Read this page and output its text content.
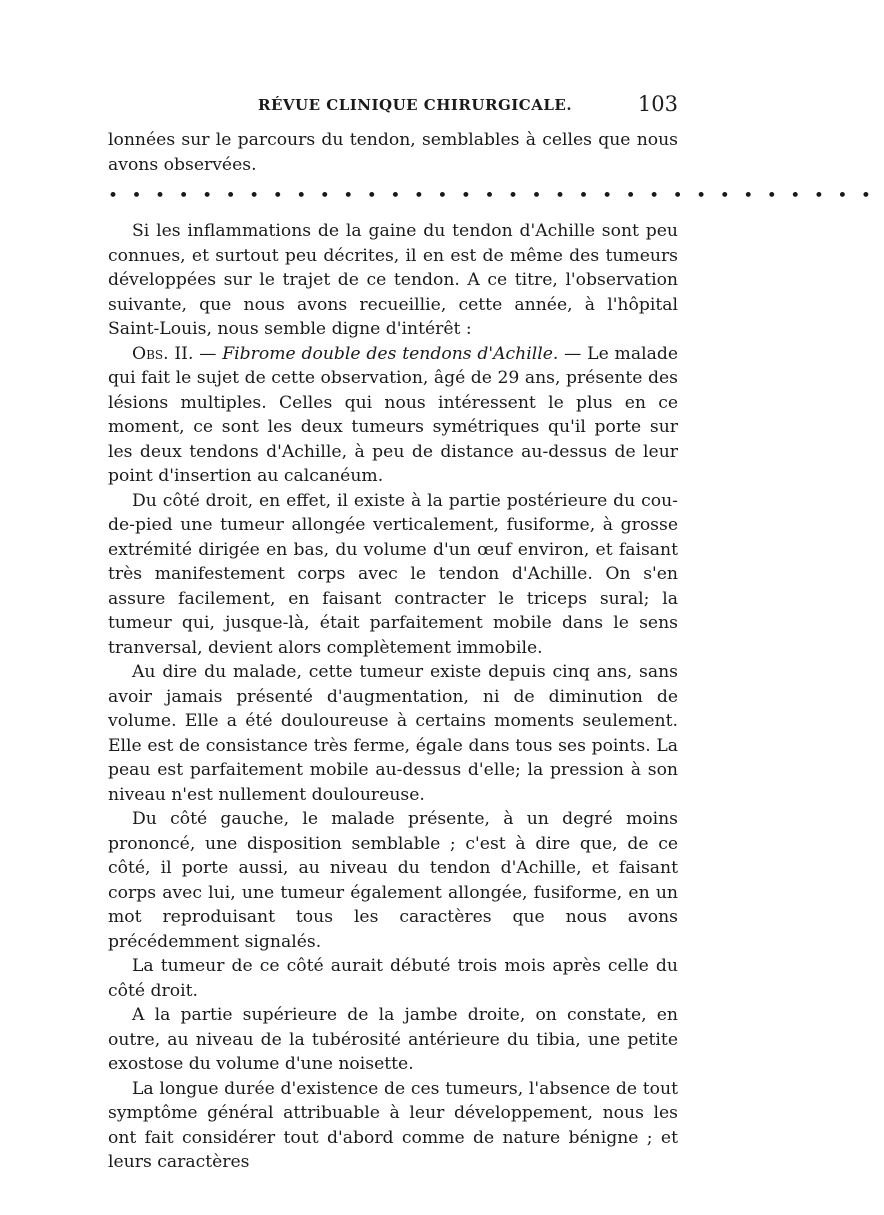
RÉVUE CLINIQUE CHIRURGICALE.	103

lonnées sur le parcours du tendon, semblables à celles que nous avons observées.

•••••••••••••••••••••••••••••••••

Si les inflammations de la gaine du tendon d'Achille sont peu connues, et surtout peu décrites, il en est de même des tumeurs développées sur le trajet de ce tendon. A ce titre, l'observation suivante, que nous avons recueillie, cette année, à l'hôpital Saint-Louis, nous semble digne d'intérêt :

Obs. II. — Fibrome double des tendons d'Achille. — Le malade qui fait le sujet de cette observation, âgé de 29 ans, présente des lésions multiples. Celles qui nous intéressent le plus en ce moment, ce sont les deux tumeurs symétriques qu'il porte sur les deux tendons d'Achille, à peu de distance au-dessus de leur point d'insertion au calcanéum.

Du côté droit, en effet, il existe à la partie postérieure du cou-de-pied une tumeur allongée verticalement, fusiforme, à grosse extrémité dirigée en bas, du volume d'un œuf environ, et faisant très manifestement corps avec le tendon d'Achille. On s'en assure facilement, en faisant contracter le triceps sural; la tumeur qui, jusque-là, était parfaitement mobile dans le sens tranversal, devient alors complètement immobile.

Au dire du malade, cette tumeur existe depuis cinq ans, sans avoir jamais présenté d'augmentation, ni de diminution de volume. Elle a été douloureuse à certains moments seulement. Elle est de consistance très ferme, égale dans tous ses points. La peau est parfaitement mobile au-dessus d'elle; la pression à son niveau n'est nullement douloureuse.

Du côté gauche, le malade présente, à un degré moins prononcé, une disposition semblable ; c'est à dire que, de ce côté, il porte aussi, au niveau du tendon d'Achille, et faisant corps avec lui, une tumeur également allongée, fusiforme, en un mot reproduisant tous les caractères que nous avons précédemment signalés.

La tumeur de ce côté aurait débuté trois mois après celle du côté droit.

A la partie supérieure de la jambe droite, on constate, en outre, au niveau de la tubérosité antérieure du tibia, une petite exostose du volume d'une noisette.

La longue durée d'existence de ces tumeurs, l'absence de tout symptôme général attribuable à leur développement, nous les ont fait considérer tout d'abord comme de nature bénigne ; et leurs caractères
